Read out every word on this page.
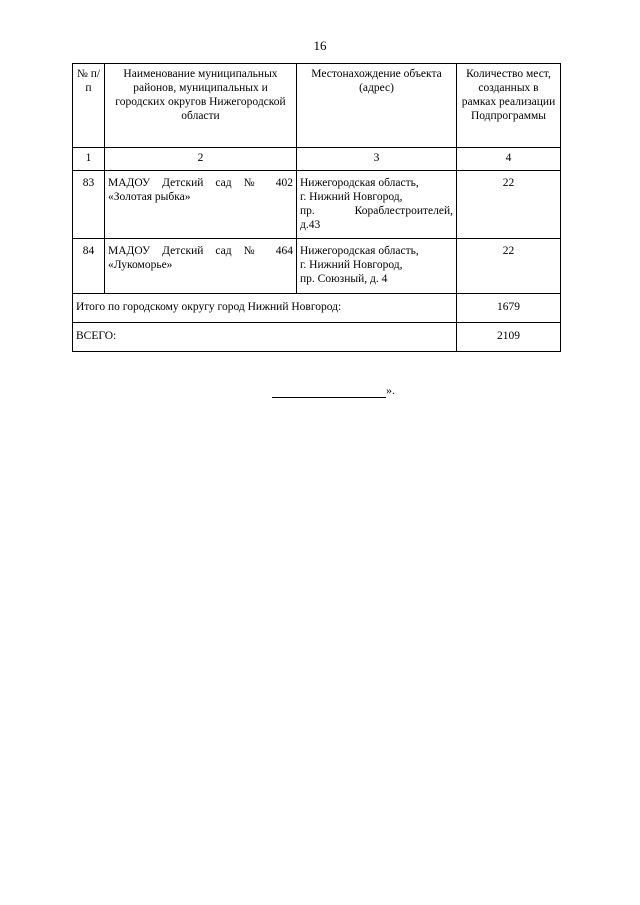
16
№ п/п	Наименование муниципальных районов, муниципальных и городских округов Нижегородской области	Местонахождение объекта (адрес)	Количество мест, созданных в рамках реализации Подпрограммы
1	2	3	4
83	МАДОУ Детский сад № 402 «Золотая рыбка»	Нижегородская область,
г. Нижний Новгород,
пр. Кораблестроителей,
д.43	22
84	МАДОУ Детский сад № 464 «Лукоморье»	Нижегородская область,
г. Нижний Новгород,
пр. Союзный, д. 4	22
Итого по городскому округу город Нижний Новгород:			1679
ВСЕГО:			2109
».
